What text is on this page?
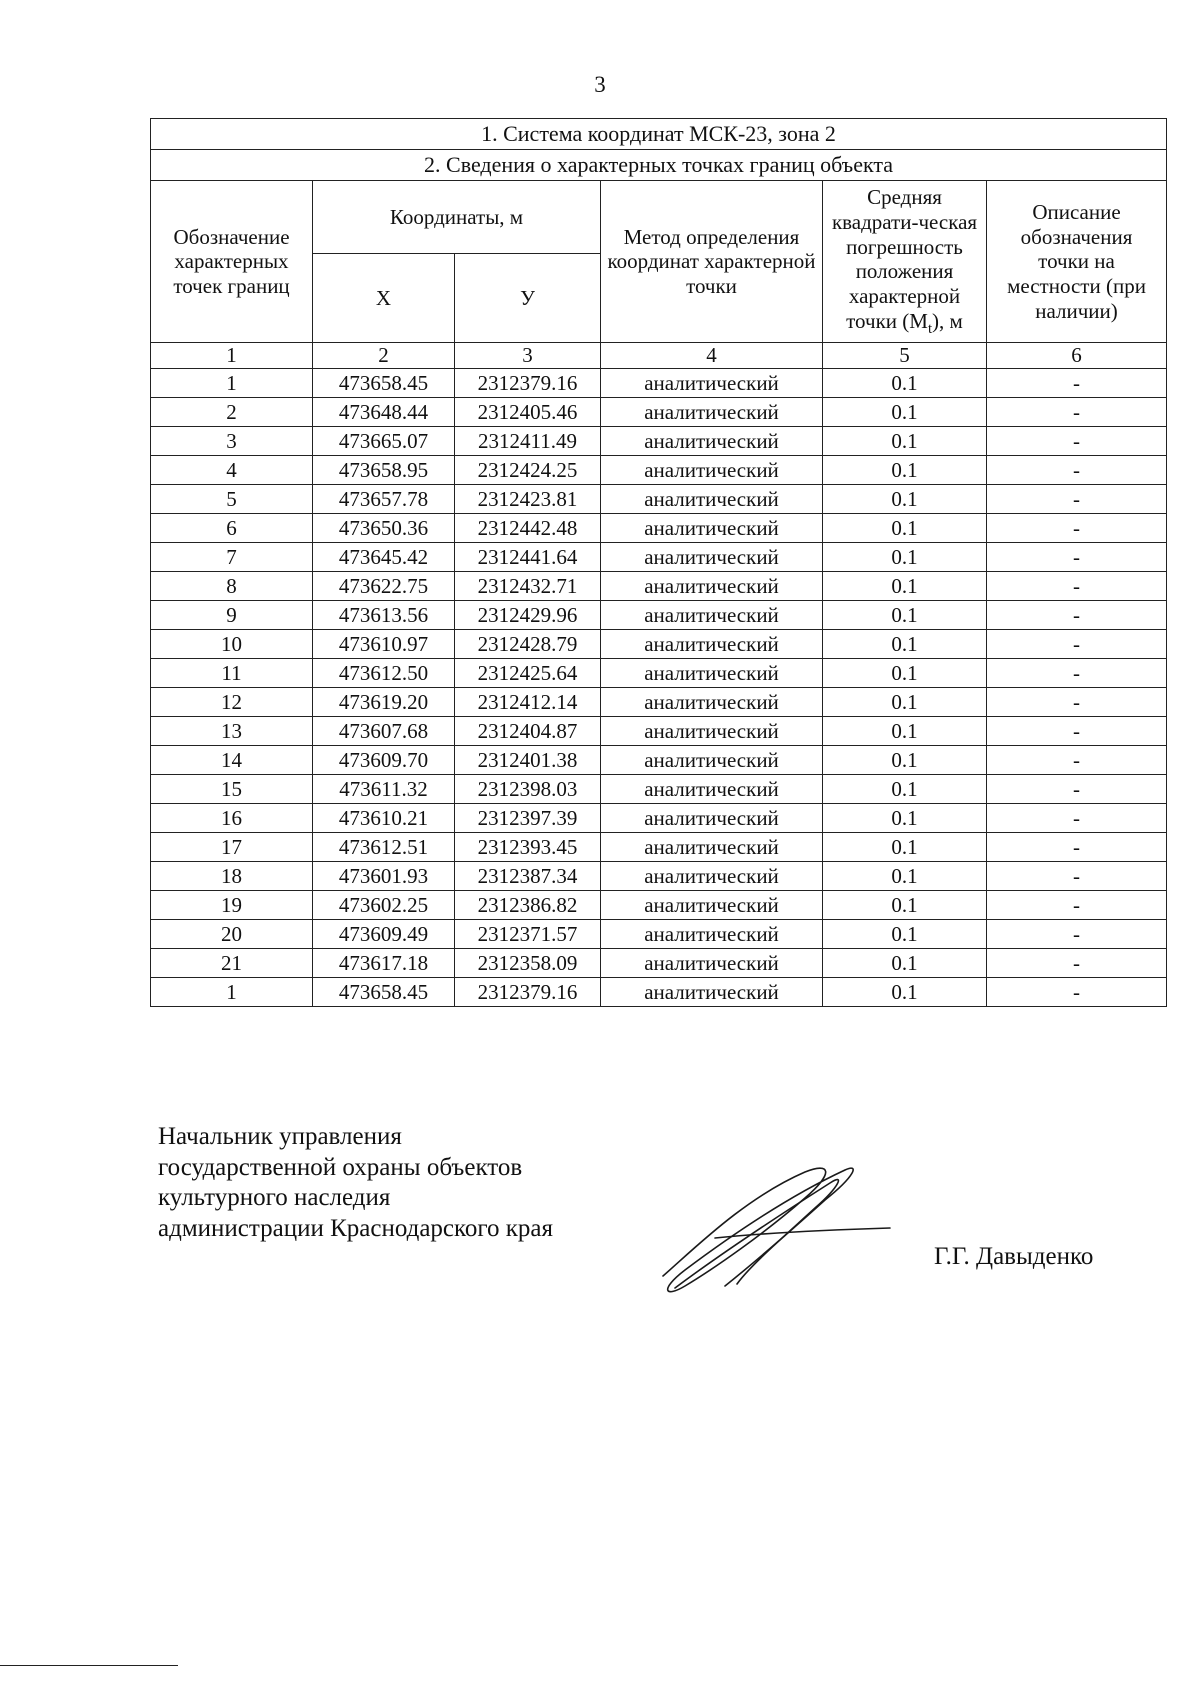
3
1. Система координат МСК-23, зона 2					
2. Сведения о характерных точках границ объекта					
Обозначение характерных точек границ	Координаты, м		Метод определения координат характерной точки	Средняя квадрати-ческая погрешность положения характерной точки $(M_t)$, м	Описание обозначения точки на местности (при наличии)
	X	У			
1	2	3	4	5	6
1	473658.45	2312379.16	аналитический	0.1	-
2	473648.44	2312405.46	аналитический	0.1	-
3	473665.07	2312411.49	аналитический	0.1	-
4	473658.95	2312424.25	аналитический	0.1	-
5	473657.78	2312423.81	аналитический	0.1	-
6	473650.36	2312442.48	аналитический	0.1	-
7	473645.42	2312441.64	аналитический	0.1	-
8	473622.75	2312432.71	аналитический	0.1	-
9	473613.56	2312429.96	аналитический	0.1	-
10	473610.97	2312428.79	аналитический	0.1	-
11	473612.50	2312425.64	аналитический	0.1	-
12	473619.20	2312412.14	аналитический	0.1	-
13	473607.68	2312404.87	аналитический	0.1	-
14	473609.70	2312401.38	аналитический	0.1	-
15	473611.32	2312398.03	аналитический	0.1	-
16	473610.21	2312397.39	аналитический	0.1	-
17	473612.51	2312393.45	аналитический	0.1	-
18	473601.93	2312387.34	аналитический	0.1	-
19	473602.25	2312386.82	аналитический	0.1	-
20	473609.49	2312371.57	аналитический	0.1	-
21	473617.18	2312358.09	аналитический	0.1	-
1	473658.45	2312379.16	аналитический	0.1	-
Начальник управления
государственной охраны объектов
культурного наследия
администрации Краснодарского края
Г.Г. Давыденко
